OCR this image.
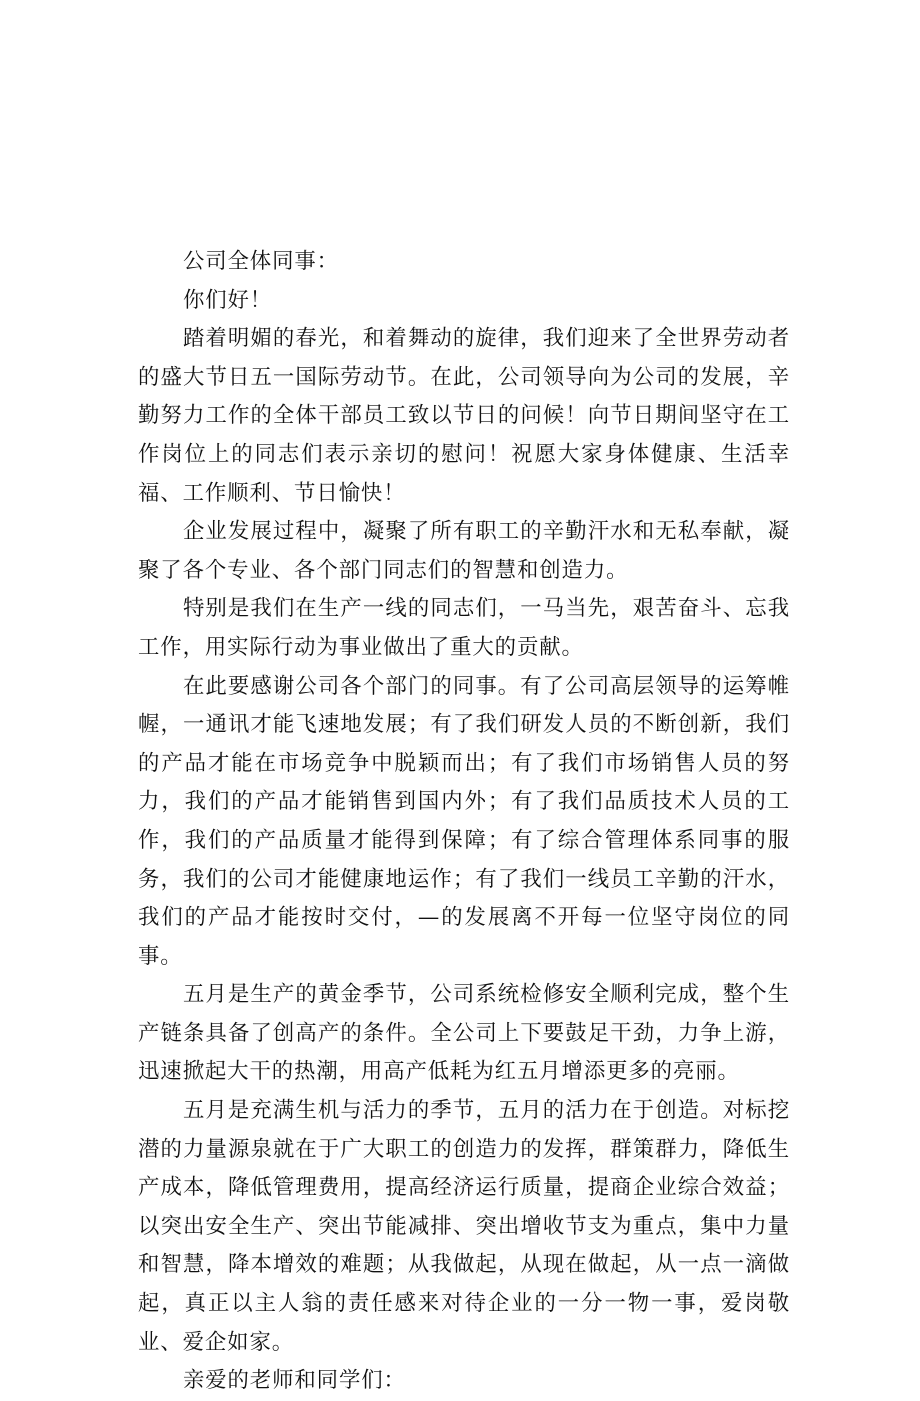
公司全体同事：

你们好！

踏着明媚的春光，和着舞动的旋律，我们迎来了全世界劳动者的盛大节日五一国际劳动节。在此，公司领导向为公司的发展，辛勤努力工作的全体干部员工致以节日的问候！向节日期间坚守在工作岗位上的同志们表示亲切的慰问！祝愿大家身体健康、生活幸福、工作顺利、节日愉快！

企业发展过程中，凝聚了所有职工的辛勤汗水和无私奉献，凝聚了各个专业、各个部门同志们的智慧和创造力。

特别是我们在生产一线的同志们，一马当先，艰苦奋斗、忘我工作，用实际行动为事业做出了重大的贡献。

在此要感谢公司各个部门的同事。有了公司高层领导的运筹帷幄，一通讯才能飞速地发展；有了我们研发人员的不断创新，我们的产品才能在市场竞争中脱颖而出；有了我们市场销售人员的努力，我们的产品才能销售到国内外；有了我们品质技术人员的工作，我们的产品质量才能得到保障；有了综合管理体系同事的服务，我们的公司才能健康地运作；有了我们一线员工辛勤的汗水，我们的产品才能按时交付，—的发展离不开每一位坚守岗位的同事。

五月是生产的黄金季节，公司系统检修安全顺利完成，整个生产链条具备了创高产的条件。全公司上下要鼓足干劲，力争上游，迅速掀起大干的热潮，用高产低耗为红五月增添更多的亮丽。

五月是充满生机与活力的季节，五月的活力在于创造。对标挖潜的力量源泉就在于广大职工的创造力的发挥，群策群力，降低生产成本，降低管理费用，提高经济运行质量，提商企业综合效益；以突出安全生产、突出节能减排、突出增收节支为重点，集中力量和智慧，降本增效的难题；从我做起，从现在做起，从一点一滴做起，真正以主人翁的责任感来对待企业的一分一物一事，爱岗敬业、爱企如家。

亲爱的老师和同学们：
